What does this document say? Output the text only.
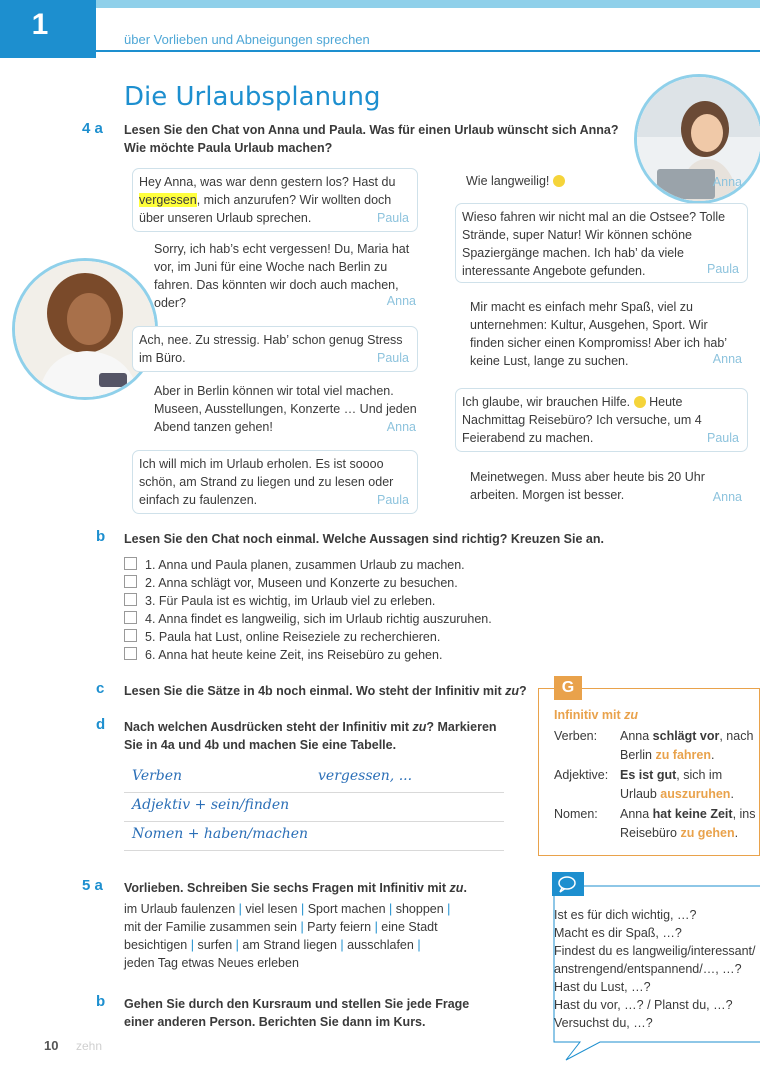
1	über Vorlieben und Abneigungen sprechen
Die Urlaubsplanung
4 a Lesen Sie den Chat von Anna und Paula. Was für einen Urlaub wünscht sich Anna?
Wie möchte Paula Urlaub machen?
Hey Anna, was war denn gestern los? Hast du vergessen, mich anzurufen? Wir wollten doch über unseren Urlaub sprechen.	Paula
Sorry, ich hab’s echt vergessen! Du, Maria hat vor, im Juni für eine Woche nach Berlin zu fahren. Das könnten wir doch auch machen, oder?	Anna
Ach, nee. Zu stressig. Hab’ schon genug Stress im Büro.	Paula
Aber in Berlin können wir total viel machen. Museen, Ausstellungen, Konzerte … Und jeden Abend tanzen gehen!	Anna
Ich will mich im Urlaub erholen. Es ist soooo schön, am Strand zu liegen und zu lesen oder einfach zu faulenzen.	Paula
Wie langweilig!	Anna
Wieso fahren wir nicht mal an die Ostsee? Tolle Strände, super Natur! Wir können schöne Spaziergänge machen. Ich hab’ da viele interessante Angebote gefunden.	Paula
Mir macht es einfach mehr Spaß, viel zu unternehmen: Kultur, Ausgehen, Sport. Wir finden sicher einen Kompromiss! Aber ich hab’ keine Lust, lange zu suchen.	Anna
Ich glaube, wir brauchen Hilfe.  Heute Nachmittag Reisebüro? Ich versuche, um 4 Feierabend zu machen.	Paula
Meinetwegen. Muss aber heute bis 20 Uhr arbeiten. Morgen ist besser.	Anna
b Lesen Sie den Chat noch einmal. Welche Aussagen sind richtig? Kreuzen Sie an.
1. Anna und Paula planen, zusammen Urlaub zu machen.
2. Anna schlägt vor, Museen und Konzerte zu besuchen.
3. Für Paula ist es wichtig, im Urlaub viel zu erleben.
4. Anna findet es langweilig, sich im Urlaub richtig auszuruhen.
5. Paula hat Lust, online Reiseziele zu recherchieren.
6. Anna hat heute keine Zeit, ins Reisebüro zu gehen.
c Lesen Sie die Sätze in 4b noch einmal. Wo steht der Infinitiv mit zu?
d Nach welchen Ausdrücken steht der Infinitiv mit zu? Markieren
Sie in 4a und 4b und machen Sie eine Tabelle.
Verben	vergessen, ...
Adjektiv + sein/finden
Nomen + haben/machen
G
Infinitiv mit zu
Verben:	Anna schlägt vor, nach Berlin zu fahren.
Adjektive: Es ist gut, sich im Urlaub auszuruhen.
Nomen:	Anna hat keine Zeit, ins Reisebüro zu gehen.
5 a Vorlieben. Schreiben Sie sechs Fragen mit Infinitiv mit zu.
im Urlaub faulenzen | viel lesen | Sport machen | shoppen |
mit der Familie zusammen sein | Party feiern | eine Stadt
besichtigen | surfen | am Strand liegen | ausschlafen |
jeden Tag etwas Neues erleben
b Gehen Sie durch den Kursraum und stellen Sie jede Frage
einer anderen Person. Berichten Sie dann im Kurs.
Ist es für dich wichtig, …?
Macht es dir Spaß, …?
Findest du es langweilig/interessant/
anstrengend/entspannend/…, …?
Hast du Lust, …?
Hast du vor, …? / Planst du, …?
Versuchst du, …?
10 zehn
